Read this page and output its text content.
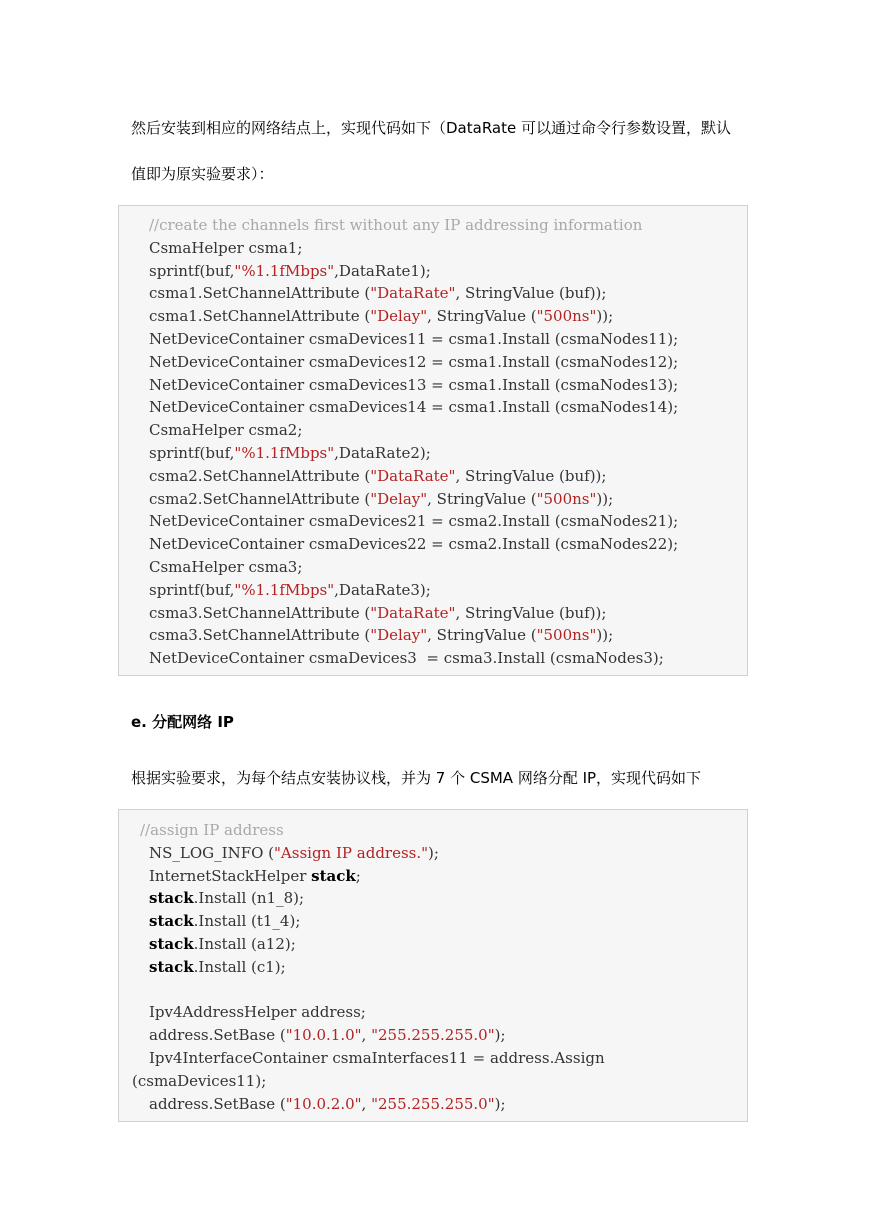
然后安装到相应的网络结点上，实现代码如下（DataRate 可以通过命令行参数设置，默认

值即为原实验要求）：

//create the channels first without any IP addressing information
CsmaHelper csma1;
sprintf(buf,"%1.1fMbps",DataRate1);
csma1.SetChannelAttribute ("DataRate", StringValue (buf));
csma1.SetChannelAttribute ("Delay", StringValue ("500ns"));
NetDeviceContainer csmaDevices11 = csma1.Install (csmaNodes11);
NetDeviceContainer csmaDevices12 = csma1.Install (csmaNodes12);
NetDeviceContainer csmaDevices13 = csma1.Install (csmaNodes13);
NetDeviceContainer csmaDevices14 = csma1.Install (csmaNodes14);
CsmaHelper csma2;
sprintf(buf,"%1.1fMbps",DataRate2);
csma2.SetChannelAttribute ("DataRate", StringValue (buf));
csma2.SetChannelAttribute ("Delay", StringValue ("500ns"));
NetDeviceContainer csmaDevices21 = csma2.Install (csmaNodes21);
NetDeviceContainer csmaDevices22 = csma2.Install (csmaNodes22);
CsmaHelper csma3;
sprintf(buf,"%1.1fMbps",DataRate3);
csma3.SetChannelAttribute ("DataRate", StringValue (buf));
csma3.SetChannelAttribute ("Delay", StringValue ("500ns"));
NetDeviceContainer csmaDevices3  = csma3.Install (csmaNodes3);

e. 分配网络 IP

根据实验要求，为每个结点安装协议栈，并为 7 个 CSMA 网络分配 IP，实现代码如下

//assign IP address
NS_LOG_INFO ("Assign IP address.");
InternetStackHelper stack;
stack.Install (n1_8);
stack.Install (t1_4);
stack.Install (a12);
stack.Install (c1);
Ipv4AddressHelper address;
address.SetBase ("10.0.1.0", "255.255.255.0");
Ipv4InterfaceContainer csmaInterfaces11 = address.Assign
(csmaDevices11);
address.SetBase ("10.0.2.0", "255.255.255.0");
